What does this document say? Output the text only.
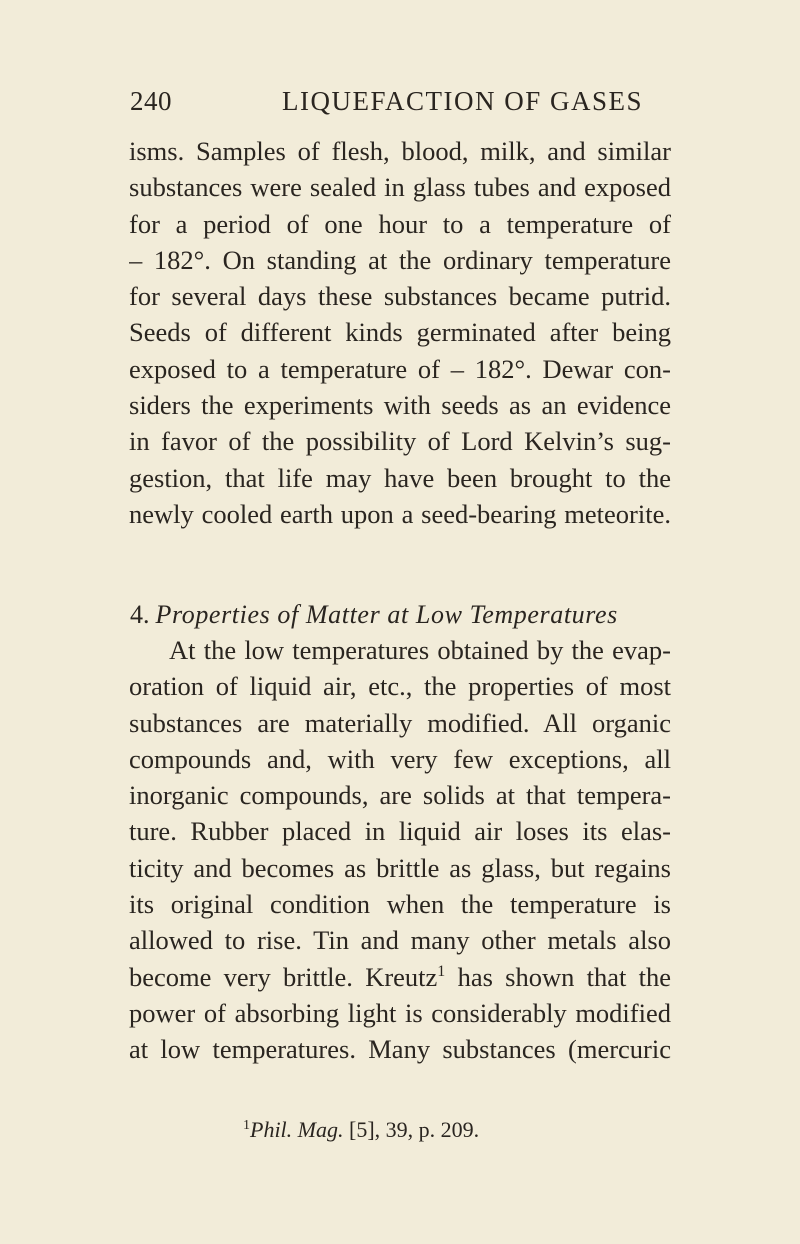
240	LIQUEFACTION OF GASES
isms. Samples of flesh, blood, milk, and similar
substances were sealed in glass tubes and exposed
for a period of one hour to a temperature of
– 182°. On standing at the ordinary temperature
for several days these substances became putrid.
Seeds of different kinds germinated after being
exposed to a temperature of – 182°. Dewar con-
siders the experiments with seeds as an evidence
in favor of the possibility of Lord Kelvin’s sug-
gestion, that life may have been brought to the
newly cooled earth upon a seed-bearing meteorite.
4. Properties of Matter at Low Temperatures
At the low temperatures obtained by the evap-
oration of liquid air, etc., the properties of most
substances are materially modified. All organic
compounds and, with very few exceptions, all
inorganic compounds, are solids at that tempera-
ture. Rubber placed in liquid air loses its elas-
ticity and becomes as brittle as glass, but regains
its original condition when the temperature is
allowed to rise. Tin and many other metals also
become very brittle. Kreutz$^1$ has shown that the
power of absorbing light is considerably modified
at low temperatures. Many substances (mercuric
$^1$Phil. Mag. [5], 39, p. 209.
